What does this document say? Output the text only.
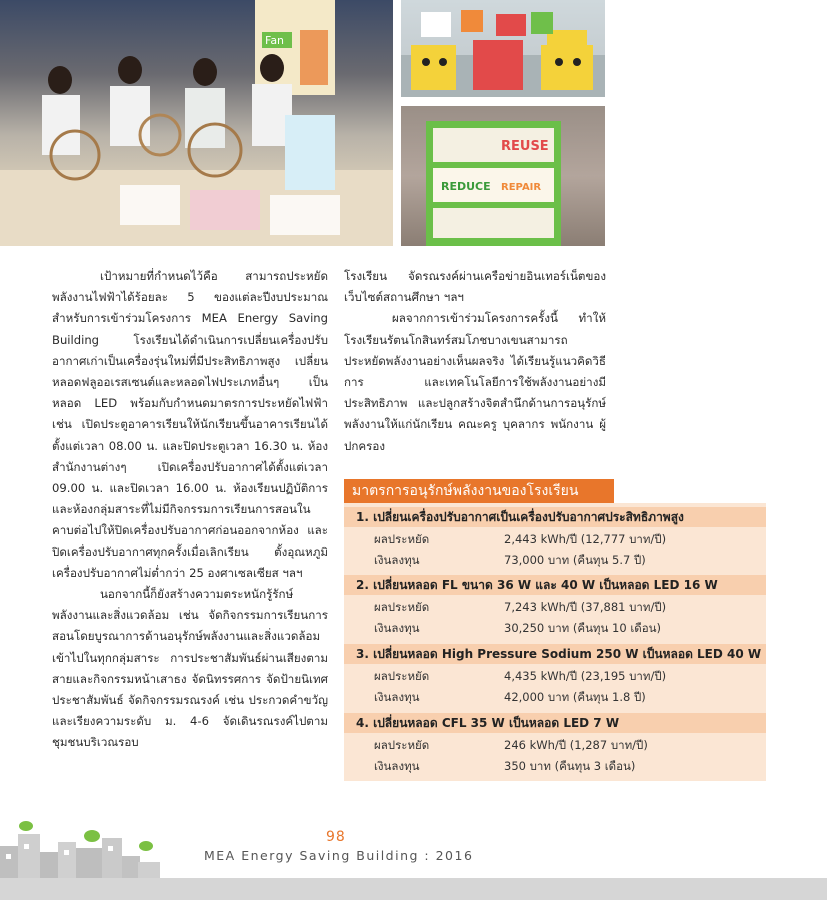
Fan
REUSE
REDUCE REPAIR

เป้าหมายที่กำหนดไว้คือ สามารถประหยัดพลังงานไฟฟ้าได้ร้อยละ 5 ของแต่ละปีงบประมาณ สำหรับการเข้าร่วมโครงการ MEA Energy Saving Building โรงเรียนได้ดำเนินการเปลี่ยนเครื่องปรับอากาศเก่าเป็นเครื่องรุ่นใหม่ที่มีประสิทธิภาพสูง เปลี่ยนหลอดฟลูออเรสเซนต์และหลอดไฟประเภทอื่นๆ เป็นหลอด LED พร้อมกับกำหนดมาตรการประหยัดไฟฟ้า เช่น เปิดประตูอาคารเรียนให้นักเรียนขึ้นอาคารเรียนได้ตั้งแต่เวลา 08.00 น. และปิดประตูเวลา 16.30 น. ห้องสำนักงานต่างๆ เปิดเครื่องปรับอากาศได้ตั้งแต่เวลา 09.00 น. และปิดเวลา 16.00 น. ห้องเรียนปฏิบัติการและห้องกลุ่มสาระที่ไม่มีกิจกรรมการเรียนการสอนในคาบต่อไปให้ปิดเครื่องปรับอากาศก่อนออกจากห้อง และปิดเครื่องปรับอากาศทุกครั้งเมื่อเลิกเรียน ตั้งอุณหภูมิเครื่องปรับอากาศไม่ต่ำกว่า 25 องศาเซลเซียส ฯลฯ

นอกจากนี้ก็ยังสร้างความตระหนักรู้รักษ์พลังงานและสิ่งแวดล้อม เช่น จัดกิจกรรมการเรียนการสอนโดยบูรณาการด้านอนุรักษ์พลังงานและสิ่งแวดล้อมเข้าไปในทุกกลุ่มสาระ การประชาสัมพันธ์ผ่านเสียงตามสายและกิจกรรมหน้าเสาธง จัดนิทรรศการ จัดป้ายนิเทศประชาสัมพันธ์ จัดกิจกรรมรณรงค์ เช่น ประกวดคำขวัญและเรียงความระดับ ม. 4-6 จัดเดินรณรงค์ไปตามชุมชนบริเวณรอบ

โรงเรียน จัดรณรงค์ผ่านเครือข่ายอินเทอร์เน็ตของเว็บไซต์สถานศึกษา ฯลฯ

ผลจากการเข้าร่วมโครงการครั้งนี้ ทำให้โรงเรียนรัตนโกสินทร์สมโภชบางเขนสามารถประหยัดพลังงานอย่างเห็นผลจริง ได้เรียนรู้แนวคิดวิธีการ และเทคโนโลยีการใช้พลังงานอย่างมีประสิทธิภาพ และปลูกสร้างจิตสำนึกด้านการอนุรักษ์พลังงานให้แก่นักเรียน คณะครู บุคลากร พนักงาน ผู้ปกครอง

มาตรการอนุรักษ์พลังงานของโรงเรียน
1. เปลี่ยนเครื่องปรับอากาศเป็นเครื่องปรับอากาศประสิทธิภาพสูง
ผลประหยัด	2,443 kWh/ปี (12,777 บาท/ปี)
เงินลงทุน	73,000 บาท (คืนทุน 5.7 ปี)
2. เปลี่ยนหลอด FL ขนาด 36 W และ 40 W เป็นหลอด LED 16 W
ผลประหยัด	7,243 kWh/ปี (37,881 บาท/ปี)
เงินลงทุน	30,250 บาท (คืนทุน 10 เดือน)
3. เปลี่ยนหลอด High Pressure Sodium 250 W เป็นหลอด LED 40 W
ผลประหยัด	4,435 kWh/ปี (23,195 บาท/ปี)
เงินลงทุน	42,000 บาท (คืนทุน 1.8 ปี)
4. เปลี่ยนหลอด CFL 35 W เป็นหลอด LED 7 W
ผลประหยัด	246 kWh/ปี (1,287 บาท/ปี)
เงินลงทุน	350 บาท (คืนทุน 3 เดือน)
98
MEA Energy Saving Building : 2016
